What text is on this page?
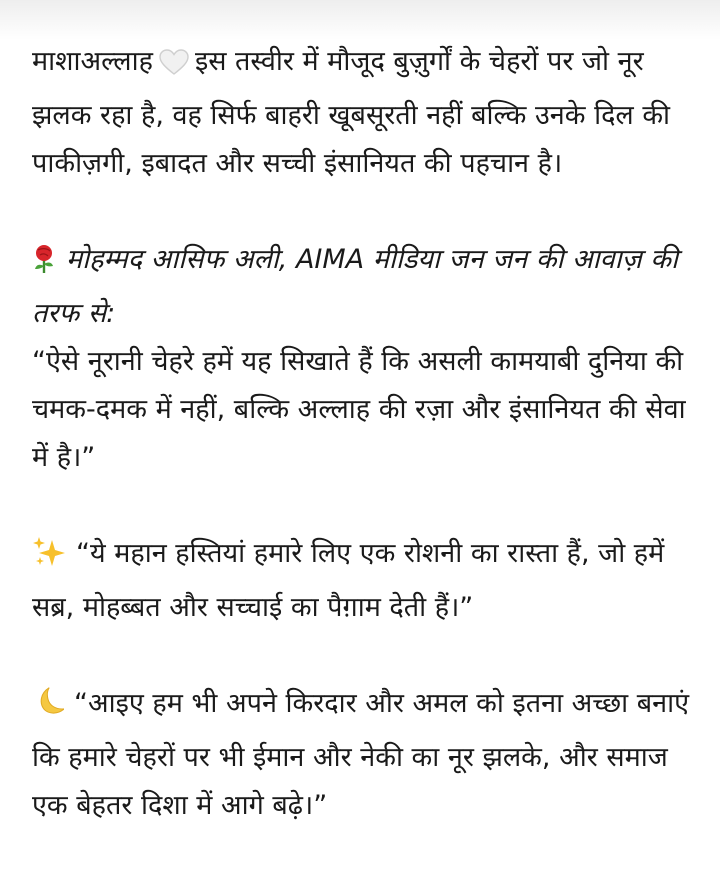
माशाअल्लाह इस तस्वीर में मौजूद बुज़ुर्गों के चेहरों पर जो नूर झलक रहा है, वह सिर्फ बाहरी खूबसूरती नहीं बल्कि उनके दिल की पाकीज़गी, इबादत और सच्ची इंसानियत की पहचान है।

मोहम्मद आसिफ अली, AIMA मीडिया जन जन की आवाज़ की तरफ से:

“ऐसे नूरानी चेहरे हमें यह सिखाते हैं कि असली कामयाबी दुनिया की चमक-दमक में नहीं, बल्कि अल्लाह की रज़ा और इंसानियत की सेवा में है।”

“ये महान हस्तियां हमारे लिए एक रोशनी का रास्ता हैं, जो हमें सब्र, मोहब्बत और सच्चाई का पैग़ाम देती हैं।”

“आइए हम भी अपने किरदार और अमल को इतना अच्छा बनाएं कि हमारे चेहरों पर भी ईमान और नेकी का नूर झलके, और समाज एक बेहतर दिशा में आगे बढ़े।”
